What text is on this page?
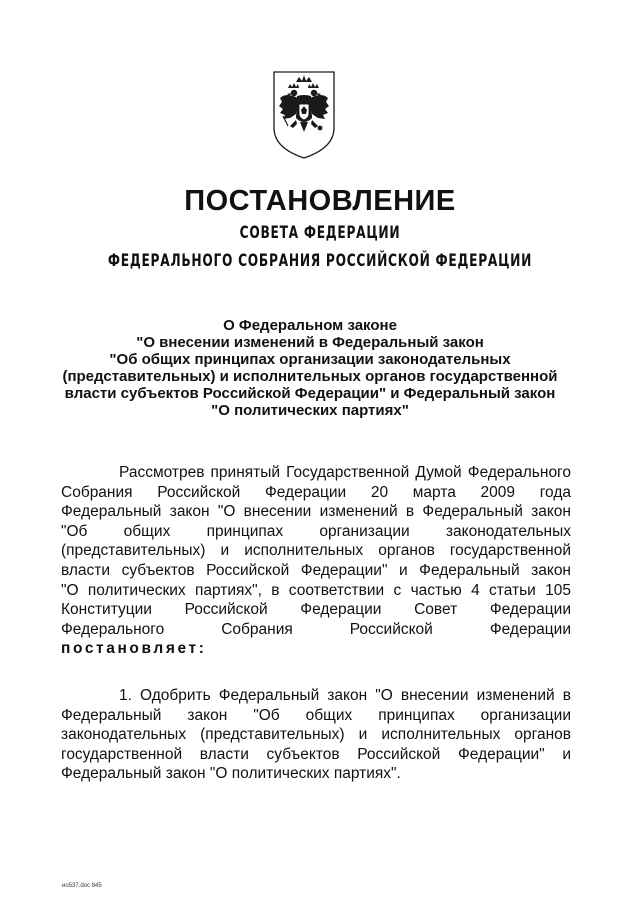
ПОСТАНОВЛЕНИЕ
СОВЕТА ФЕДЕРАЦИИ
ФЕДЕРАЛЬНОГО СОБРАНИЯ РОССИЙСКОЙ ФЕДЕРАЦИИ
О Федеральном законе
"О внесении изменений в Федеральный закон
"Об общих принципах организации законодательных
(представительных) и исполнительных органов государственной
власти субъектов Российской Федерации" и Федеральный закон
"О политических партиях"
Рассмотрев принятый Государственной Думой Федерального
Собрания Российской Федерации 20 марта 2009 года
Федеральный закон "О внесении изменений в Федеральный закон
"Об общих принципах организации законодательных
(представительных) и исполнительных органов государственной
власти субъектов Российской Федерации" и Федеральный закон
"О политических партиях", в соответствии с частью 4 статьи 105
Конституции Российской Федерации Совет Федерации
Федерального Собрания Российской Федерации
постановляет:
1. Одобрить Федеральный закон "О внесении изменений в
Федеральный закон "Об общих принципах организации
законодательных (представительных) и исполнительных органов
государственной власти субъектов Российской Федерации" и
Федеральный закон "О политических партиях".
ио537.doc 845
